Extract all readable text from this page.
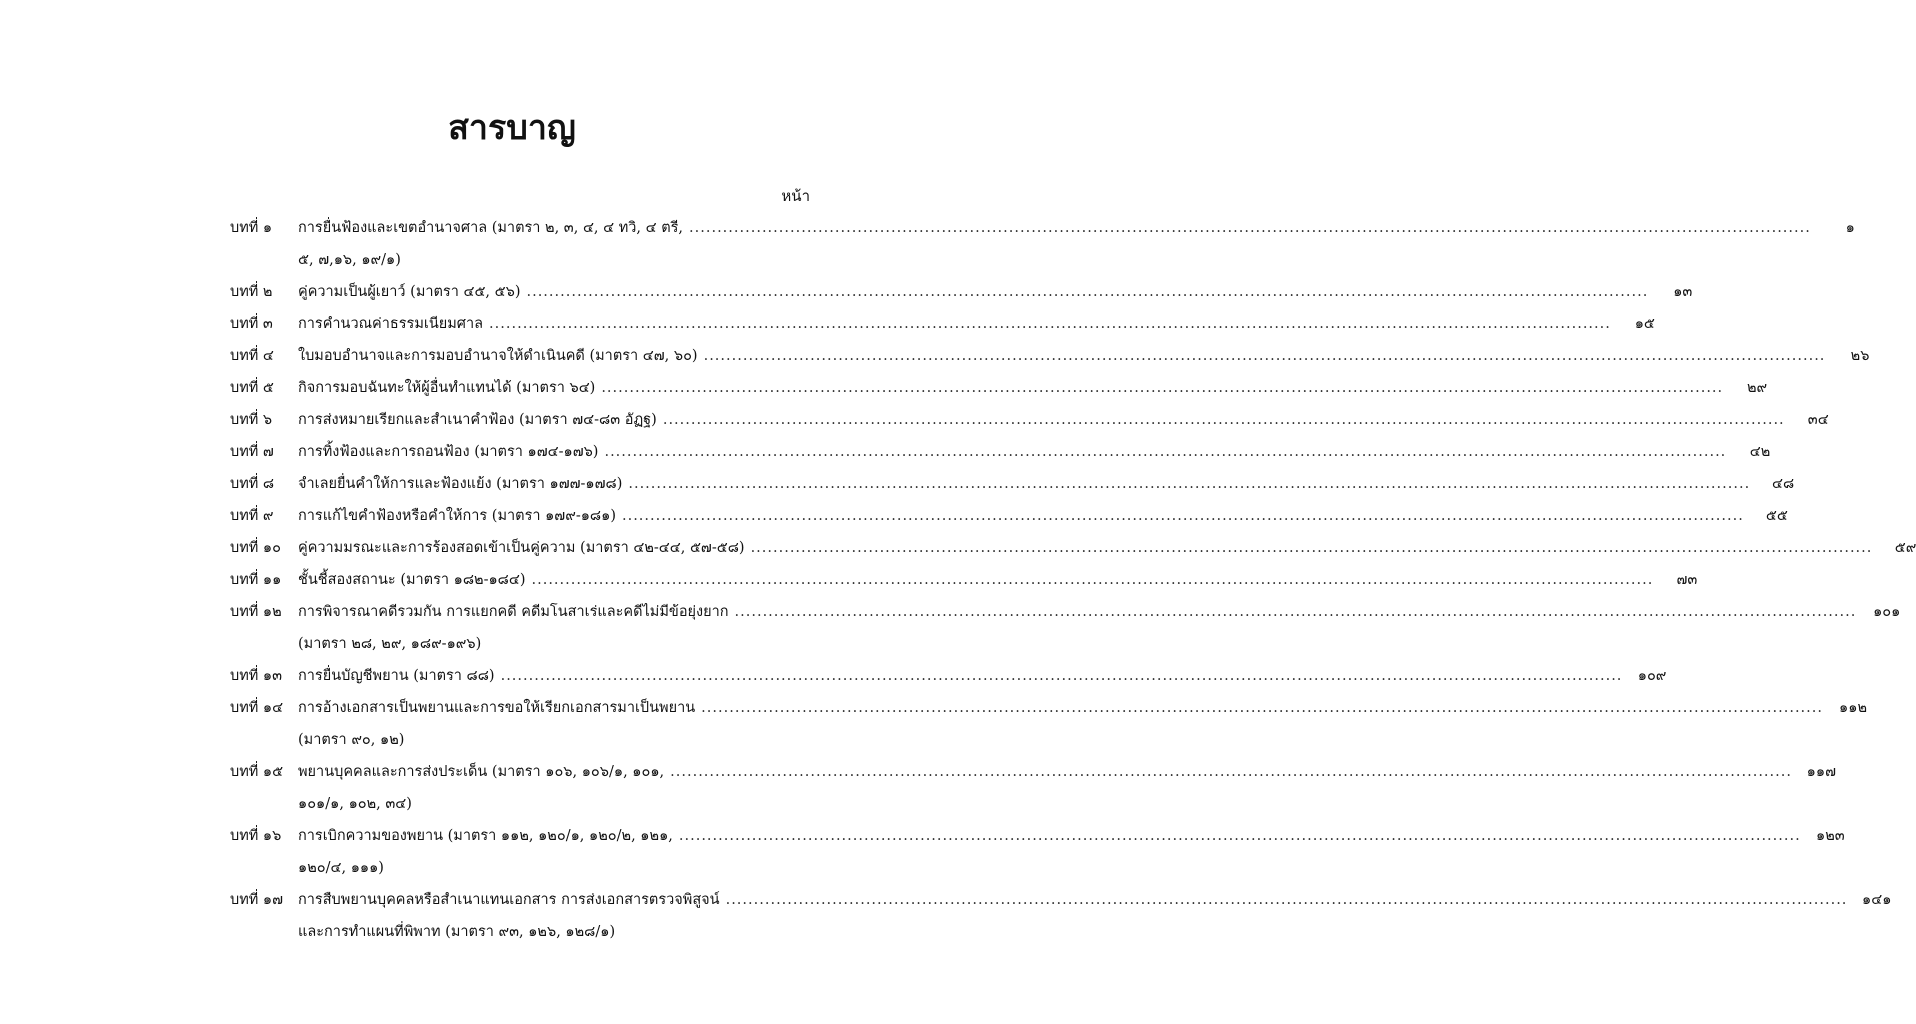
สารบาญ
หน้า
บทที่ ๑	การยื่นฟ้องและเขตอำนาจศาล (มาตรา ๒, ๓, ๔, ๔ ทวิ, ๔ ตรี, ........................................................................................................................................................................................................	๑
๕, ๗,๑๖, ๑๙/๑)
บทที่ ๒	คู่ความเป็นผู้เยาว์ (มาตรา ๔๕, ๕๖) ........................................................................................................................................................................................................	๑๓
บทที่ ๓	การคำนวณค่าธรรมเนียมศาล ........................................................................................................................................................................................................	๑๕
บทที่ ๔	ใบมอบอำนาจและการมอบอำนาจให้ดำเนินคดี (มาตรา ๔๗, ๖๐) ........................................................................................................................................................................................................	๒๖
บทที่ ๕	กิจการมอบฉันทะให้ผู้อื่นทำแทนได้ (มาตรา ๖๔) ........................................................................................................................................................................................................	๒๙
บทที่ ๖	การส่งหมายเรียกและสำเนาคำฟ้อง (มาตรา ๗๔-๘๓ อัฏฐ) ........................................................................................................................................................................................................	๓๔
บทที่ ๗	การทิ้งฟ้องและการถอนฟ้อง (มาตรา ๑๗๔-๑๗๖) ........................................................................................................................................................................................................	๔๒
บทที่ ๘	จำเลยยื่นคำให้การและฟ้องแย้ง (มาตรา ๑๗๗-๑๗๘) ........................................................................................................................................................................................................	๔๘
บทที่ ๙	การแก้ไขคำฟ้องหรือคำให้การ (มาตรา ๑๗๙-๑๘๑) ........................................................................................................................................................................................................	๕๕
บทที่ ๑๐	คู่ความมรณะและการร้องสอดเข้าเป็นคู่ความ (มาตรา ๔๒-๔๔, ๕๗-๕๘) ........................................................................................................................................................................................................	๕๙
บทที่ ๑๑	ชั้นชี้สองสถานะ (มาตรา ๑๘๒-๑๘๔) ........................................................................................................................................................................................................	๗๓
บทที่ ๑๒	การพิจารณาคดีรวมกัน การแยกคดี คดีมโนสาเร่และคดีไม่มีข้อยุ่งยาก ........................................................................................................................................................................................................	๑๐๑
(มาตรา ๒๘, ๒๙, ๑๘๙-๑๙๖)
บทที่ ๑๓	การยื่นบัญชีพยาน (มาตรา ๘๘) ........................................................................................................................................................................................................	๑๐๙
บทที่ ๑๔	การอ้างเอกสารเป็นพยานและการขอให้เรียกเอกสารมาเป็นพยาน ........................................................................................................................................................................................................	๑๑๒
(มาตรา ๙๐, ๑๒)
บทที่ ๑๕	พยานบุคคลและการส่งประเด็น (มาตรา ๑๐๖, ๑๐๖/๑, ๑๐๑, ........................................................................................................................................................................................................	๑๑๗
๑๐๑/๑, ๑๐๒, ๓๔)
บทที่ ๑๖	การเบิกความของพยาน (มาตรา ๑๑๒, ๑๒๐/๑, ๑๒๐/๒, ๑๒๑, ........................................................................................................................................................................................................	๑๒๓
๑๒๐/๔, ๑๑๑)
บทที่ ๑๗	การสืบพยานบุคคลหรือสำเนาแทนเอกสาร การส่งเอกสารตรวจพิสูจน์ ........................................................................................................................................................................................................	๑๔๑
และการทำแผนที่พิพาท (มาตรา ๙๓, ๑๒๖, ๑๒๘/๑)
